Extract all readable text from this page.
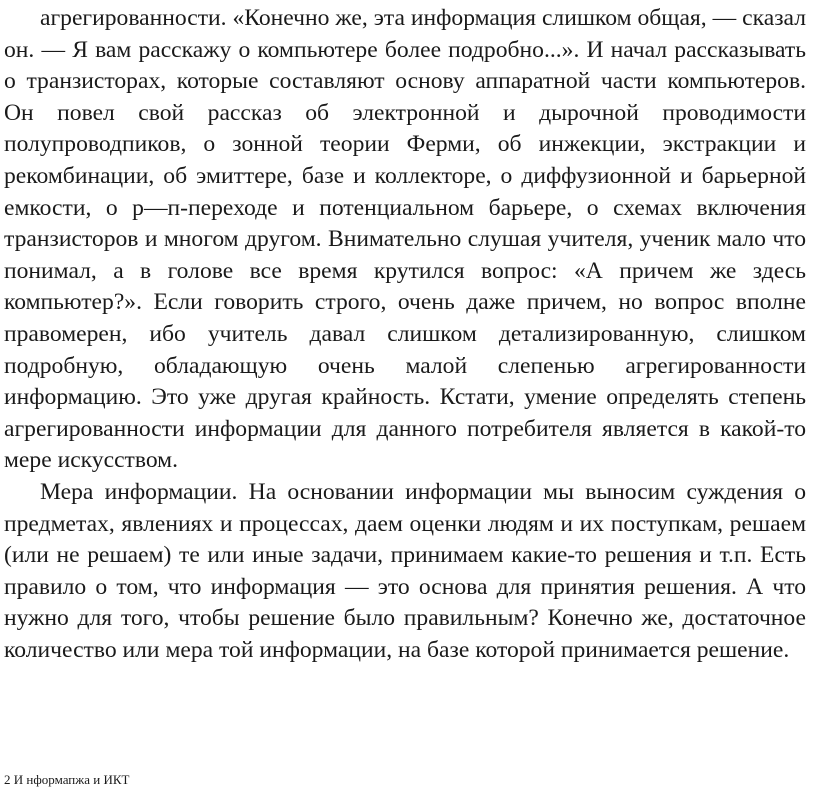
агрегированности. «Конечно же, эта информация слишком общая, — сказал он. — Я вам расскажу о компьютере более подробно...». И начал рассказывать о транзисторах, которые составляют основу аппаратной части компьютеров. Он повел свой рассказ об электронной и дырочной проводимости полупроводпиков, о зонной теории Ферми, об инжекции, экстракции и рекомбинации, об эмиттере, базе и коллекторе, о диффузионной и барьерной емкости, о р—п-переходе и потенциальном барьере, о схемах включения транзисторов и многом другом. Внимательно слушая учителя, ученик мало что понимал, а в голове все время крутился вопрос: «А причем же здесь компьютер?». Если говорить строго, очень даже причем, но вопрос вполне правомерен, ибо учитель давал слишком детализированную, слишком подробную, обладающую очень малой слепенью агрегированности информацию. Это уже другая крайность. Кстати, умение определять степень агрегированности информации для данного потребителя является в какой-то мере искусством.

Мера информации. На основании информации мы выносим суждения о предметах, явлениях и процессах, даем оценки людям и их поступкам, решаем (или не решаем) те или иные задачи, принимаем какие-то решения и т.п. Есть правило о том, что информация — это основа для принятия решения. А что нужно для того, чтобы решение было правильным? Конечно же, достаточное количество или мера той информации, на базе которой принимается решение.

2 И нформапжа и ИКТ
